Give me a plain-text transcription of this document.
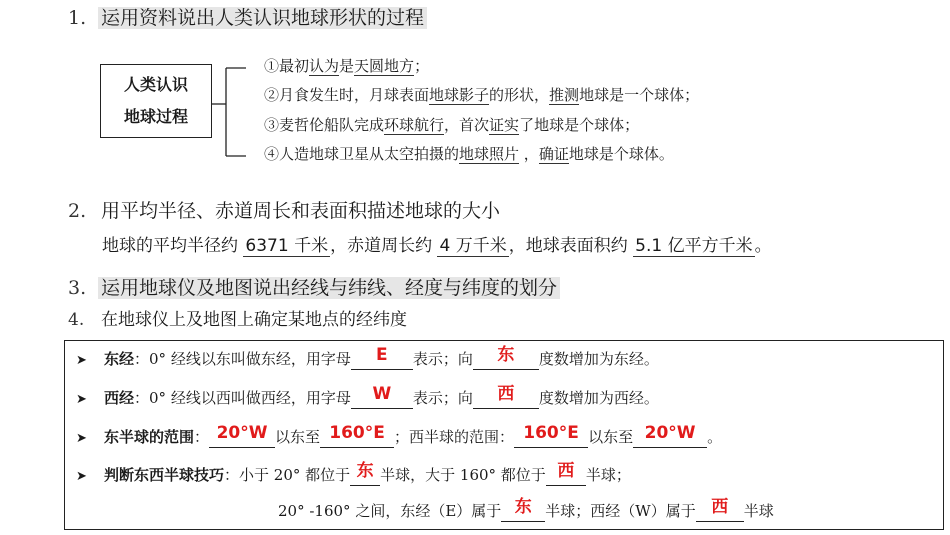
1. 运用资料说出人类认识地球形状的过程
人类认识
地球过程
①最初认为是天圆地方；
②月食发生时，月球表面地球影子的形状，推测地球是一个球体；
③麦哲伦船队完成环球航行，首次证实了地球是个球体；
④人造地球卫星从太空拍摄的地球照片 ，确证地球是个球体。
2. 用平均半径、赤道周长和表面积描述地球的大小
地球的平均半径约 6371 千米 ，赤道周长约 4 万千米 ，地球表面积约 5.1 亿平方千米 。
3. 运用地球仪及地图说出经线与纬线、经度与纬度的划分
4. 在地球仪上及地图上确定某地点的经纬度
➤ 东经：0° 经线以东叫做东经，用字母 E 表示；向 东 度数增加为东经。
➤ 西经：0° 经线以西叫做西经，用字母 W 表示；向 西 度数增加为西经。
➤ 东半球的范围： 20°W 以东至 160°E ；西半球的范围： 160°E 以东至 20°W 。
➤ 判断东西半球技巧：小于 20° 都位于 东 半球，大于 160° 都位于 西 半球；
20° -160° 之间，东经（E）属于 东 半球；西经（W）属于 西 半球
